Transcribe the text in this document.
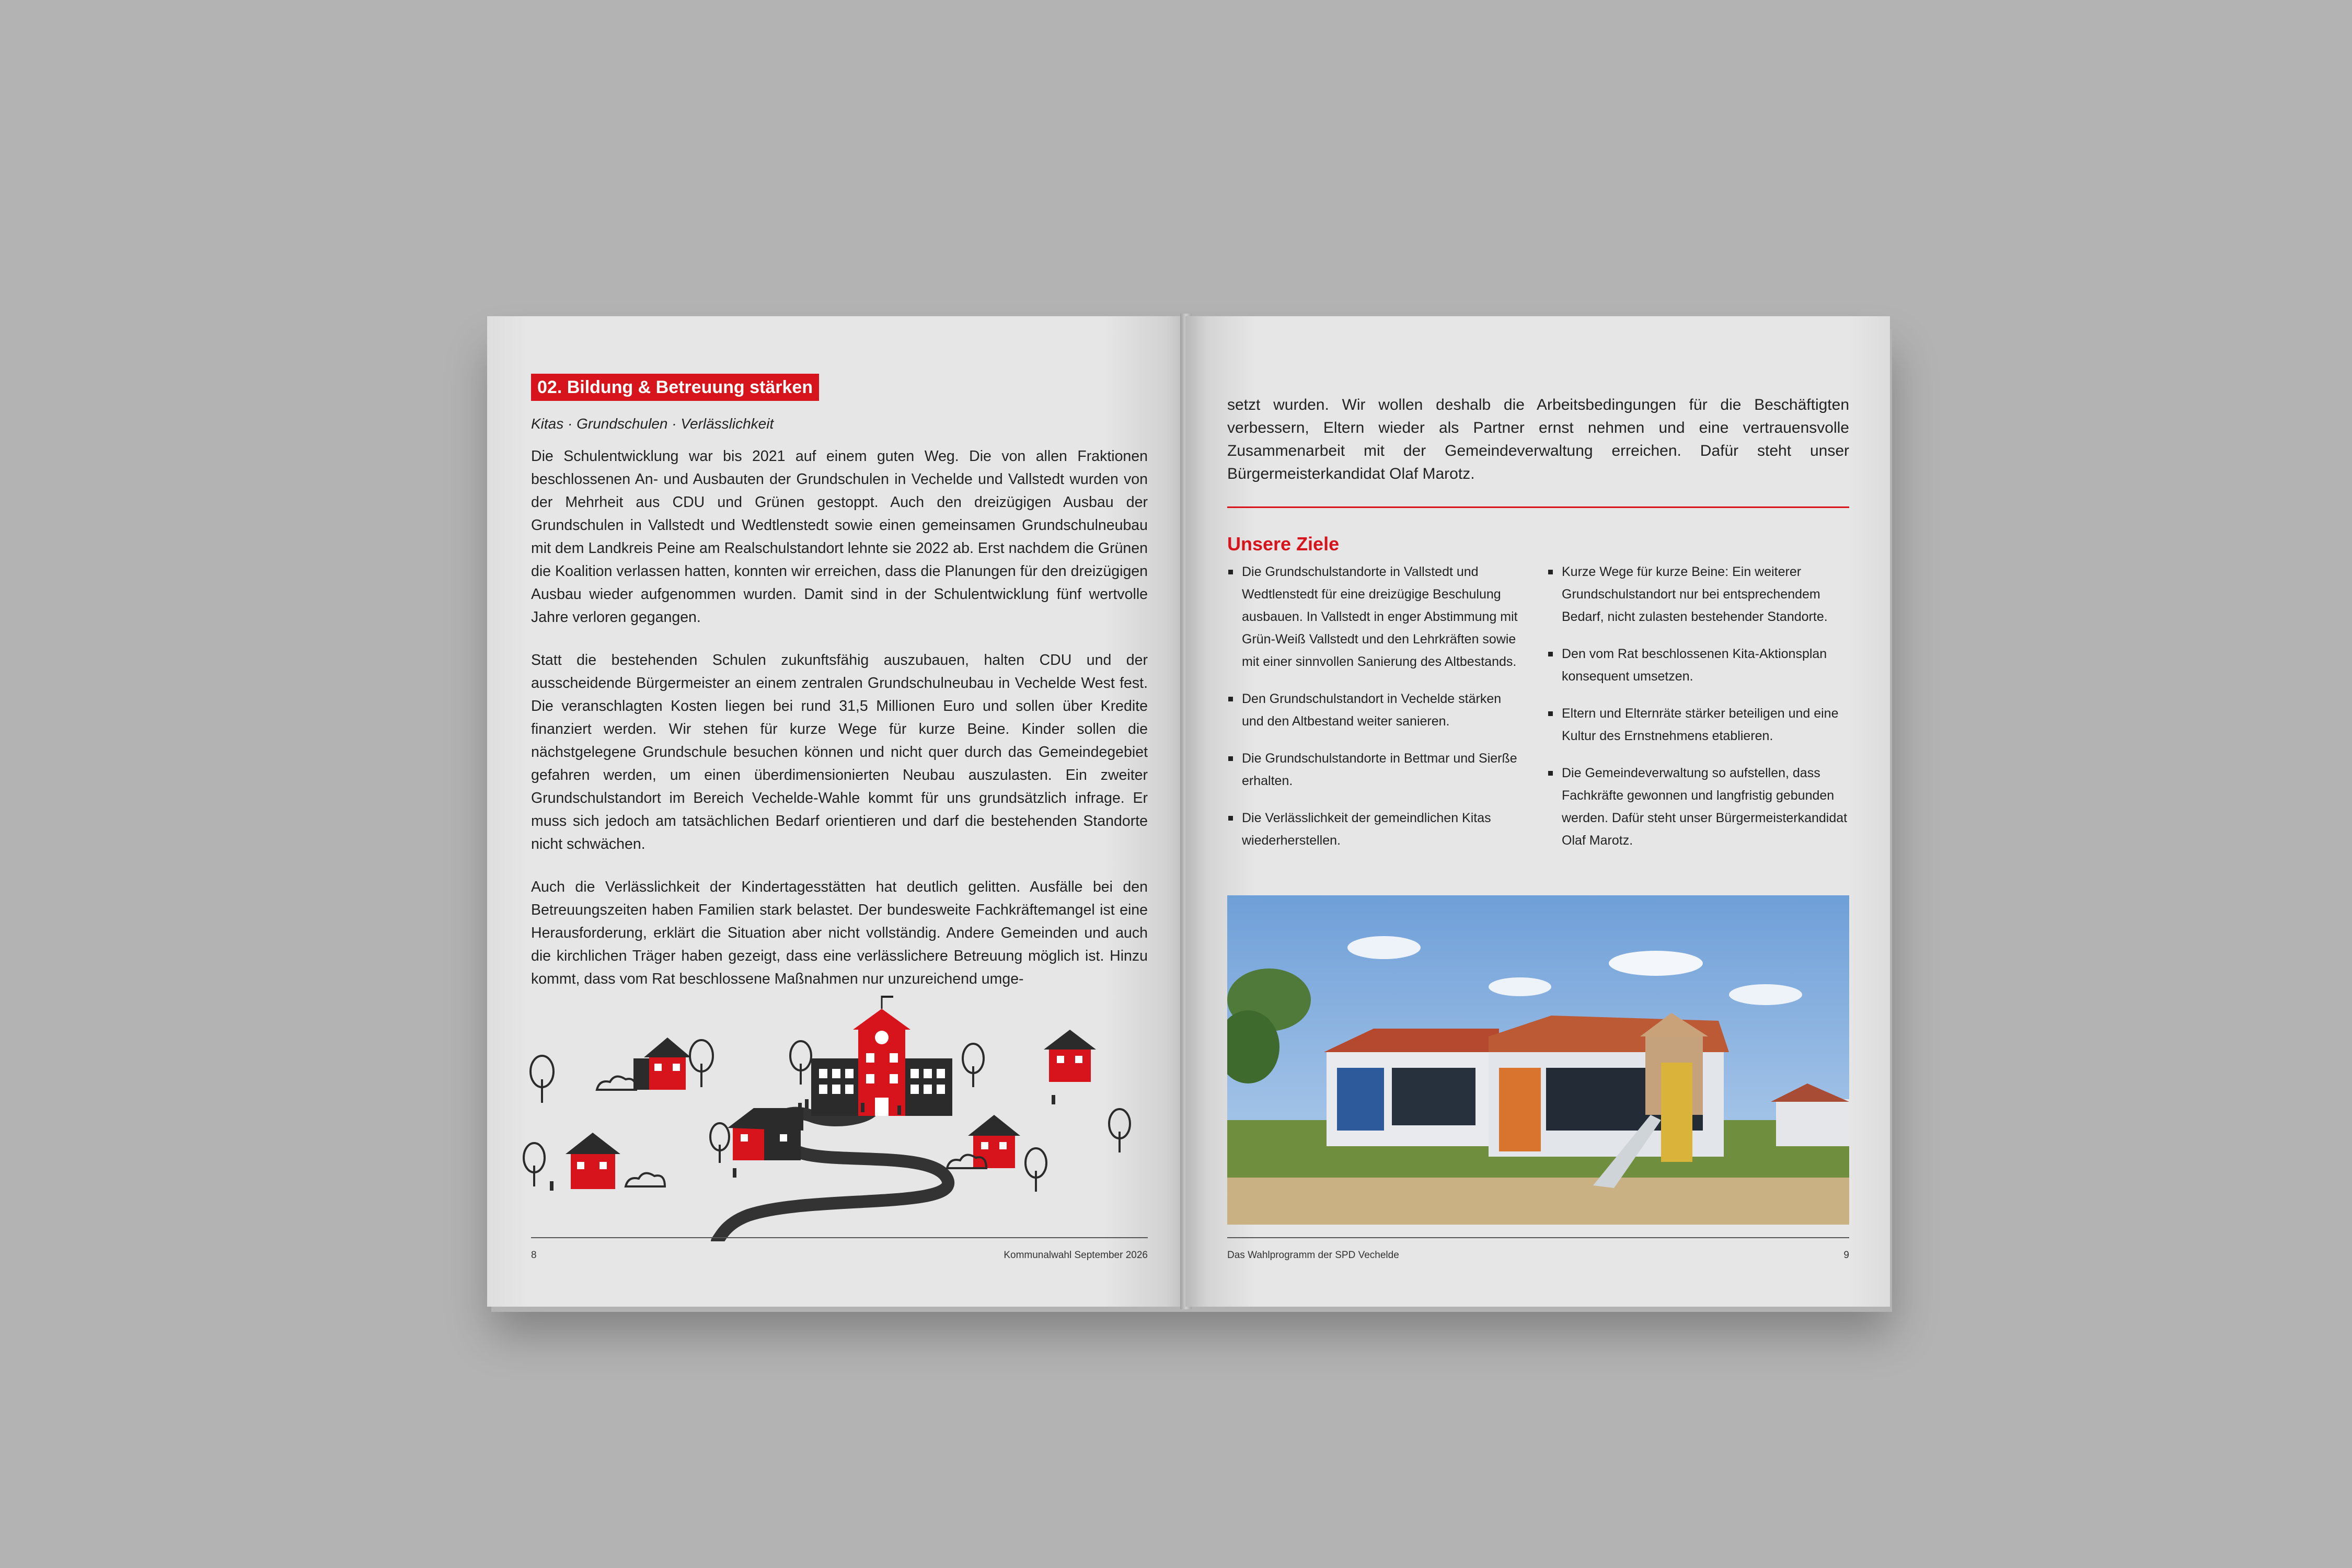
02. Bildung & Betreuung stärken
Kitas · Grundschulen · Verlässlichkeit

Die Schulentwicklung war bis 2021 auf einem guten Weg. Die von allen Fraktionen beschlossenen An- und Ausbauten der Grundschulen in Vechelde und Vallstedt wurden von der Mehrheit aus CDU und Grünen gestoppt. Auch den dreizügigen Ausbau der Grundschulen in Vallstedt und Wedtlenstedt sowie einen gemeinsamen Grundschulneubau mit dem Landkreis Peine am Realschulstandort lehnte sie 2022 ab. Erst nachdem die Grünen die Koalition verlassen hatten, konnten wir erreichen, dass die Planungen für den dreizügigen Ausbau wieder aufgenommen wurden. Damit sind in der Schulentwicklung fünf wertvolle Jahre verloren gegangen.

Statt die bestehenden Schulen zukunftsfähig auszubauen, halten CDU und der ausscheidende Bürgermeister an einem zentralen Grundschulneubau in Vechelde West fest. Die veranschlagten Kosten liegen bei rund 31,5 Millionen Euro und sollen über Kredite finanziert werden. Wir stehen für kurze Wege für kurze Beine. Kinder sollen die nächstgelegene Grundschule besuchen können und nicht quer durch das Gemeindegebiet gefahren werden, um einen überdimensionierten Neubau auszulasten. Ein zweiter Grundschulstandort im Bereich Vechelde-Wahle kommt für uns grundsätzlich infrage. Er muss sich jedoch am tatsächlichen Bedarf orientieren und darf die bestehenden Standorte nicht schwächen.

Auch die Verlässlichkeit der Kindertagesstätten hat deutlich gelitten. Ausfälle bei den Betreuungszeiten haben Familien stark belastet. Der bundesweite Fachkräftemangel ist eine Herausforderung, erklärt die Situation aber nicht vollständig. Andere Gemeinden und auch die kirchlichen Träger haben gezeigt, dass eine verlässlichere Betreuung möglich ist. Hinzu kommt, dass vom Rat beschlossene Maßnahmen nur unzureichend umge-

8	Kommunalwahl September 2026

setzt wurden. Wir wollen deshalb die Arbeitsbedingungen für die Beschäftigten verbessern, Eltern wieder als Partner ernst nehmen und eine vertrauensvolle Zusammenarbeit mit der Gemeindeverwaltung erreichen. Dafür steht unser Bürgermeisterkandidat Olaf Marotz.

Unsere Ziele
Die Grundschulstandorte in Vallstedt und Wedtlenstedt für eine dreizügige Beschulung ausbauen. In Vallstedt in enger Abstimmung mit Grün-Weiß Vallstedt und den Lehrkräften sowie mit einer sinnvollen Sanierung des Altbestands.
Den Grundschulstandort in Vechelde stärken und den Altbestand weiter sanieren.
Die Grundschulstandorte in Bettmar und Sierße erhalten.
Die Verlässlichkeit der gemeindlichen Kitas wiederherstellen.
Kurze Wege für kurze Beine: Ein weiterer Grundschulstandort nur bei entsprechendem Bedarf, nicht zulasten bestehender Standorte.
Den vom Rat beschlossenen Kita-Aktionsplan konsequent umsetzen.
Eltern und Elternräte stärker beteiligen und eine Kultur des Ernstnehmens etablieren.
Die Gemeindeverwaltung so aufstellen, dass Fachkräfte gewonnen und langfristig gebunden werden. Dafür steht unser Bürgermeisterkandidat Olaf Marotz.
Das Wahlprogramm der SPD Vechelde	9
